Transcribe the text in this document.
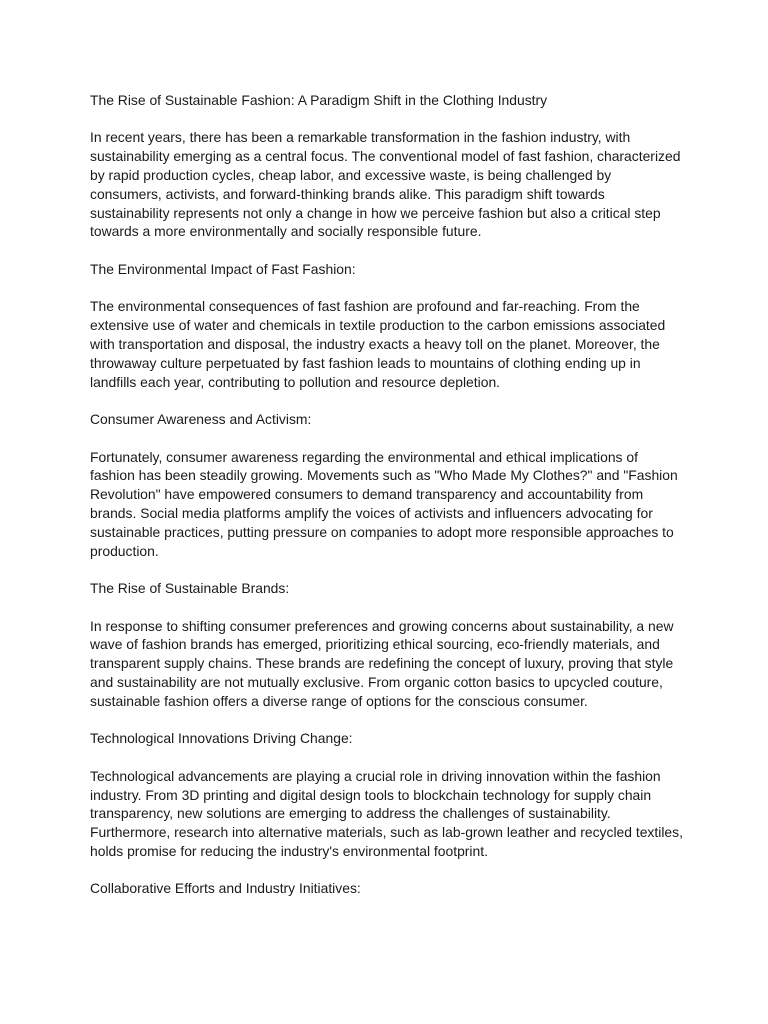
The Rise of Sustainable Fashion: A Paradigm Shift in the Clothing Industry

In recent years, there has been a remarkable transformation in the fashion industry, with sustainability emerging as a central focus. The conventional model of fast fashion, characterized by rapid production cycles, cheap labor, and excessive waste, is being challenged by consumers, activists, and forward-thinking brands alike. This paradigm shift towards sustainability represents not only a change in how we perceive fashion but also a critical step towards a more environmentally and socially responsible future.

The Environmental Impact of Fast Fashion:

The environmental consequences of fast fashion are profound and far-reaching. From the extensive use of water and chemicals in textile production to the carbon emissions associated with transportation and disposal, the industry exacts a heavy toll on the planet. Moreover, the throwaway culture perpetuated by fast fashion leads to mountains of clothing ending up in landfills each year, contributing to pollution and resource depletion.

Consumer Awareness and Activism:

Fortunately, consumer awareness regarding the environmental and ethical implications of fashion has been steadily growing. Movements such as "Who Made My Clothes?" and "Fashion Revolution" have empowered consumers to demand transparency and accountability from brands. Social media platforms amplify the voices of activists and influencers advocating for sustainable practices, putting pressure on companies to adopt more responsible approaches to production.

The Rise of Sustainable Brands:

In response to shifting consumer preferences and growing concerns about sustainability, a new wave of fashion brands has emerged, prioritizing ethical sourcing, eco-friendly materials, and transparent supply chains. These brands are redefining the concept of luxury, proving that style and sustainability are not mutually exclusive. From organic cotton basics to upcycled couture, sustainable fashion offers a diverse range of options for the conscious consumer.

Technological Innovations Driving Change:

Technological advancements are playing a crucial role in driving innovation within the fashion industry. From 3D printing and digital design tools to blockchain technology for supply chain transparency, new solutions are emerging to address the challenges of sustainability. Furthermore, research into alternative materials, such as lab-grown leather and recycled textiles, holds promise for reducing the industry's environmental footprint.

Collaborative Efforts and Industry Initiatives:
